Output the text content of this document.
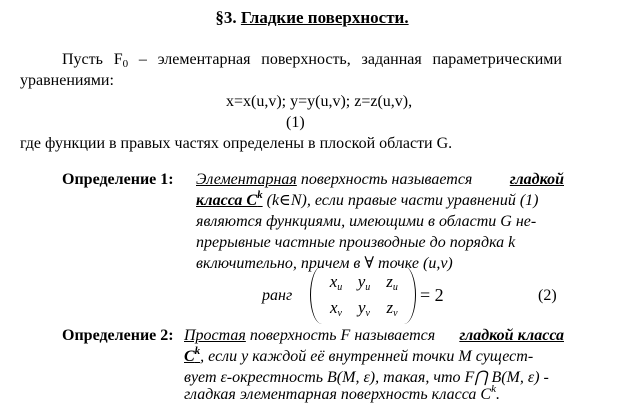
§3. Гладкие поверхности.
Пусть $F_0$ – элементарная поверхность, заданная параметрическими
уравнениями:
x=x(u,v); y=y(u,v); z=z(u,v),
(1)
где функции в правых частях определены в плоской области G.
Определение 1: Элементарная поверхность называется гладкой
класса $C^k$ (k∈N), если правые части уравнений (1)
являются функциями, имеющими в области G не-
прерывные частные производные до порядка k
включительно, причем в ∀ точке (u,v)
ранг
$x_u$ $y_u$ $z_u$
$x_v$ $y_v$ $z_v$
= 2	(2)
Определение 2: Простая поверхность F называется гладкой класса
$C^k$, если у каждой её внутренней точки M сущест-
вует ε-окрестность B(M, ε), такая, что F⋂ B(M, ε) -
гладкая элементарная поверхность класса $C^k$.
